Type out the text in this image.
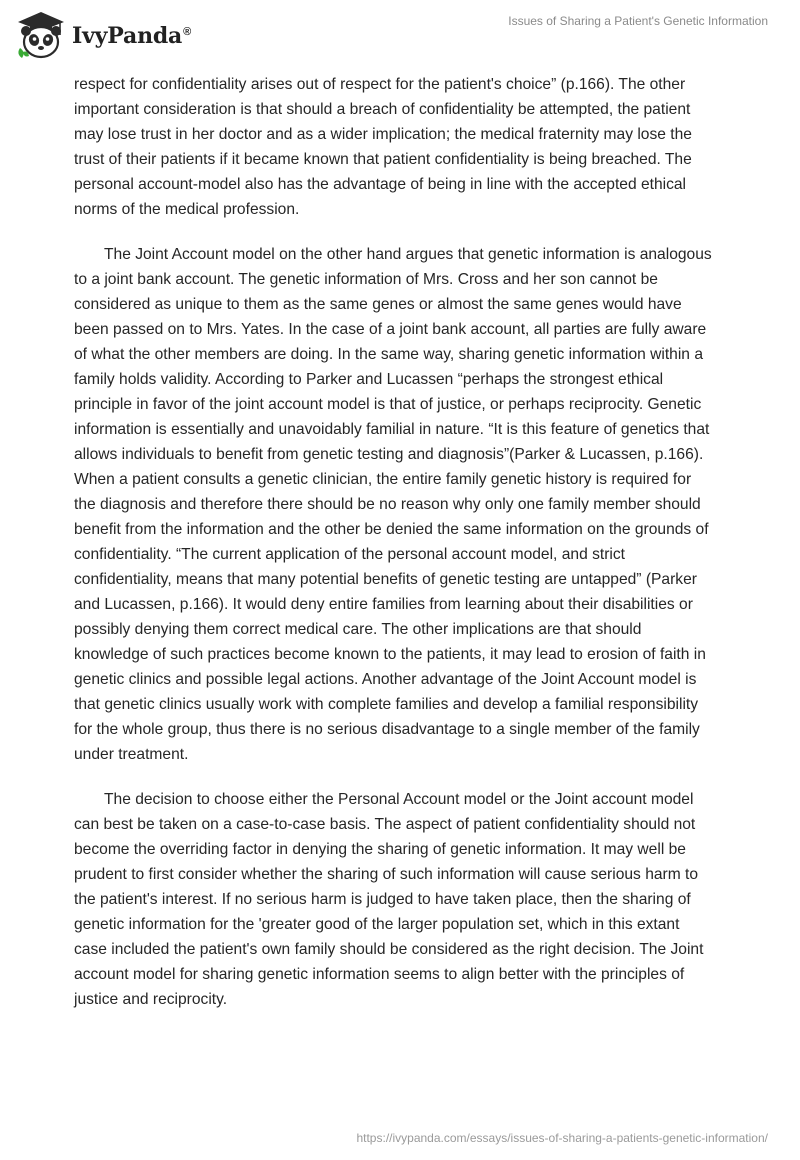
IvyPanda®
Issues of Sharing a Patient's Genetic Information

respect for confidentiality arises out of respect for the patient's choice” (p.166). The other important consideration is that should a breach of confidentiality be attempted, the patient may lose trust in her doctor and as a wider implication; the medical fraternity may lose the trust of their patients if it became known that patient confidentiality is being breached. The personal account-model also has the advantage of being in line with the accepted ethical norms of the medical profession.

The Joint Account model on the other hand argues that genetic information is analogous to a joint bank account. The genetic information of Mrs. Cross and her son cannot be considered as unique to them as the same genes or almost the same genes would have been passed on to Mrs. Yates. In the case of a joint bank account, all parties are fully aware of what the other members are doing. In the same way, sharing genetic information within a family holds validity. According to Parker and Lucassen “perhaps the strongest ethical principle in favor of the joint account model is that of justice, or perhaps reciprocity. Genetic information is essentially and unavoidably familial in nature. “It is this feature of genetics that allows individuals to benefit from genetic testing and diagnosis”(Parker & Lucassen, p.166). When a patient consults a genetic clinician, the entire family genetic history is required for the diagnosis and therefore there should be no reason why only one family member should benefit from the information and the other be denied the same information on the grounds of confidentiality. “The current application of the personal account model, and strict confidentiality, means that many potential benefits of genetic testing are untapped” (Parker and Lucassen, p.166). It would deny entire families from learning about their disabilities or possibly denying them correct medical care. The other implications are that should knowledge of such practices become known to the patients, it may lead to erosion of faith in genetic clinics and possible legal actions. Another advantage of the Joint Account model is that genetic clinics usually work with complete families and develop a familial responsibility for the whole group, thus there is no serious disadvantage to a single member of the family under treatment.

The decision to choose either the Personal Account model or the Joint account model can best be taken on a case-to-case basis. The aspect of patient confidentiality should not become the overriding factor in denying the sharing of genetic information. It may well be prudent to first consider whether the sharing of such information will cause serious harm to the patient's interest. If no serious harm is judged to have taken place, then the sharing of genetic information for the 'greater good of the larger population set, which in this extant case included the patient's own family should be considered as the right decision. The Joint account model for sharing genetic information seems to align better with the principles of justice and reciprocity.

https://ivypanda.com/essays/issues-of-sharing-a-patients-genetic-information/
